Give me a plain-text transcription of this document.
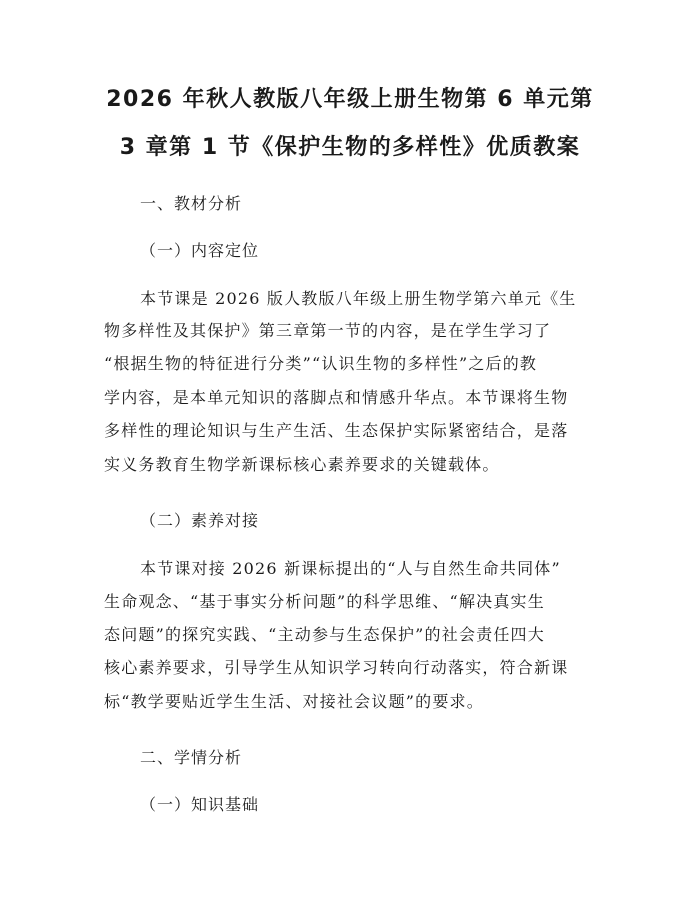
2026 年秋人教版八年级上册生物第 6 单元第
3 章第 1 节《保护生物的多样性》优质教案
一、教材分析
（一）内容定位
本节课是 2026 版人教版八年级上册生物学第六单元《生
物多样性及其保护》第三章第一节的内容，是在学生学习了
“根据生物的特征进行分类”“认识生物的多样性”之后的教
学内容，是本单元知识的落脚点和情感升华点。本节课将生物
多样性的理论知识与生产生活、生态保护实际紧密结合，是落
实义务教育生物学新课标核心素养要求的关键载体。
（二）素养对接
本节课对接 2026 新课标提出的“人与自然生命共同体”
生命观念、“基于事实分析问题”的科学思维、“解决真实生
态问题”的探究实践、“主动参与生态保护”的社会责任四大
核心素养要求，引导学生从知识学习转向行动落实，符合新课
标“教学要贴近学生生活、对接社会议题”的要求。
二、学情分析
（一）知识基础
